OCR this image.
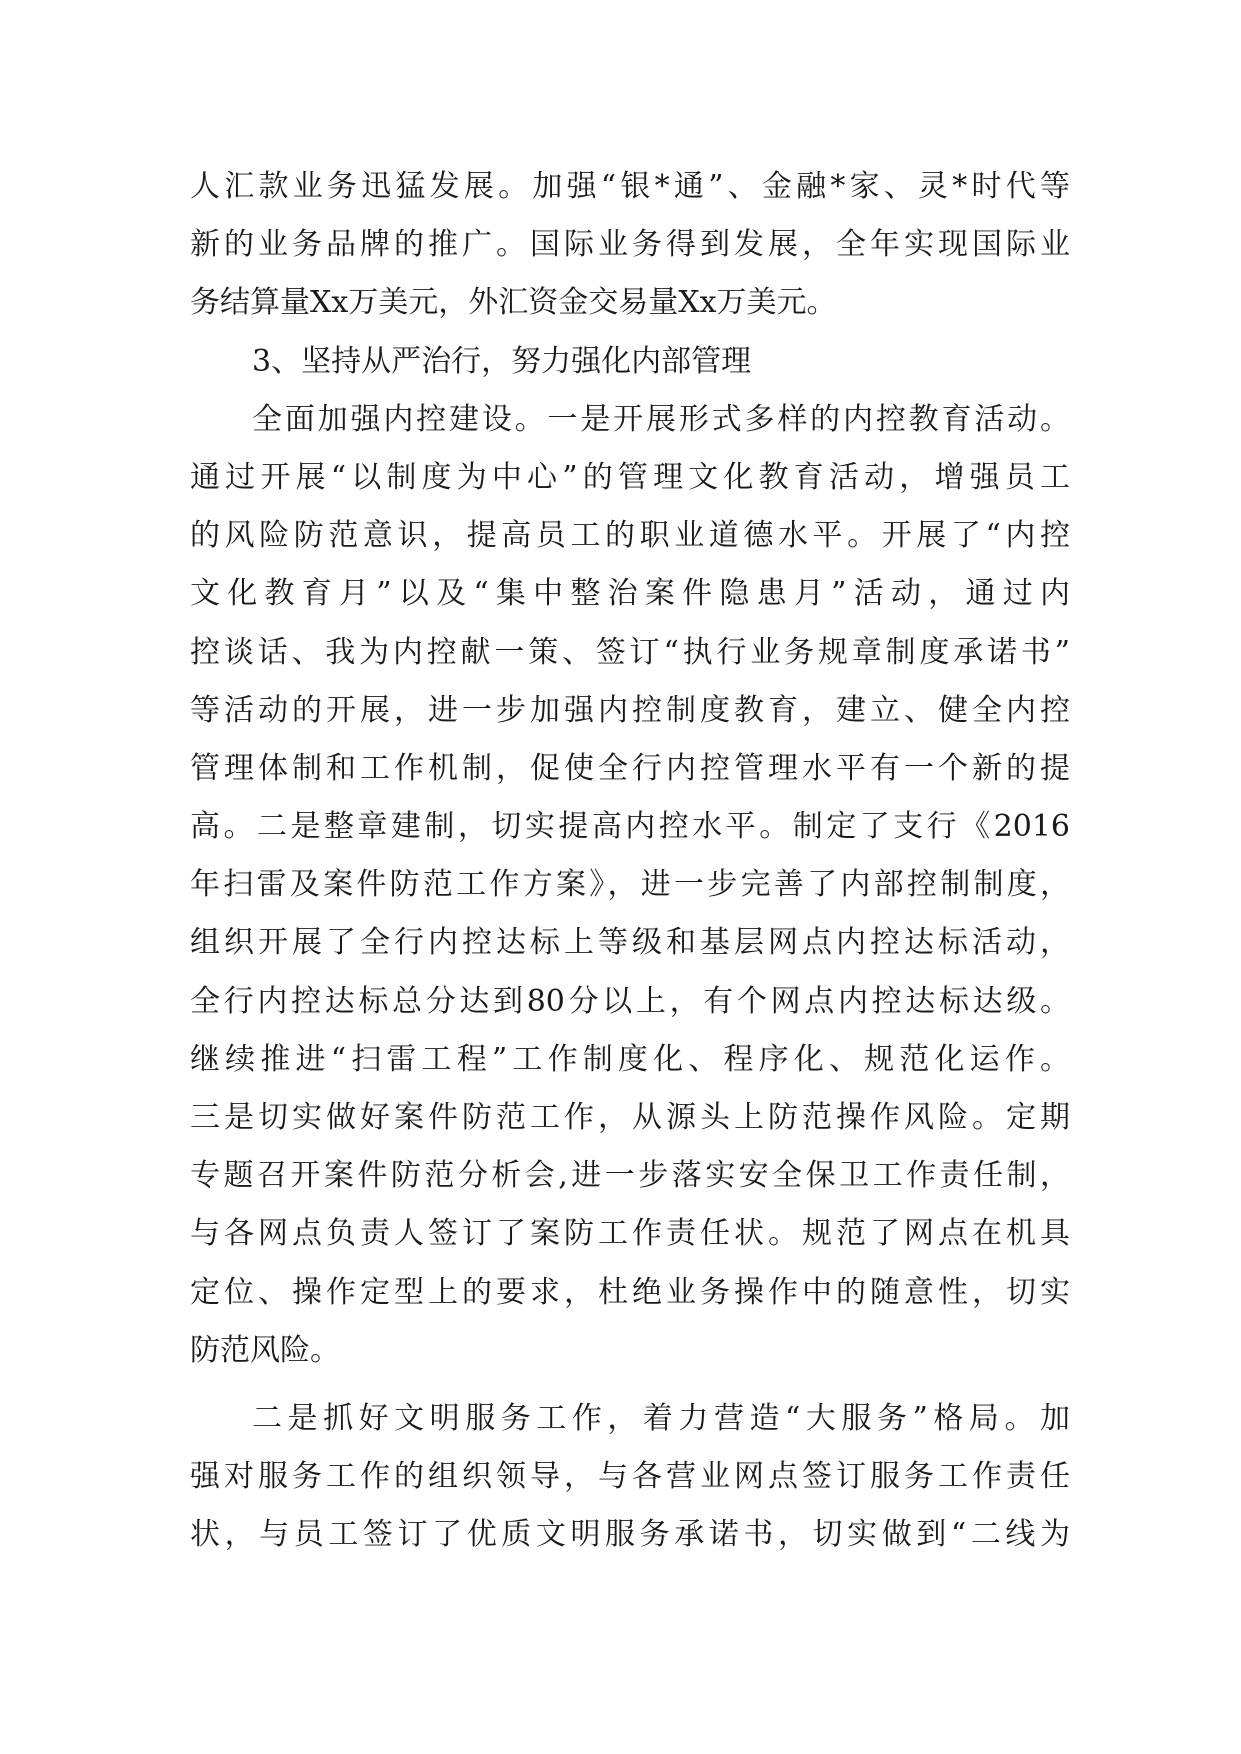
人汇款业务迅猛发展。加强“银*通”、金融*家、灵*时代等
新的业务品牌的推广。国际业务得到发展，全年实现国际业
务结算量Xx万美元，外汇资金交易量Xx万美元。
3、坚持从严治行，努力强化内部管理
全面加强内控建设。一是开展形式多样的内控教育活动。
通过开展“以制度为中心”的管理文化教育活动，增强员工
的风险防范意识，提高员工的职业道德水平。开展了“内控
文化教育月”以及“集中整治案件隐患月”活动，通过内
控谈话、我为内控献一策、签订“执行业务规章制度承诺书”
等活动的开展，进一步加强内控制度教育，建立、健全内控
管理体制和工作机制，促使全行内控管理水平有一个新的提
高。二是整章建制，切实提高内控水平。制定了支行《2016
年扫雷及案件防范工作方案》，进一步完善了内部控制制度，
组织开展了全行内控达标上等级和基层网点内控达标活动，
全行内控达标总分达到80分以上，有个网点内控达标达级。
继续推进“扫雷工程”工作制度化、程序化、规范化运作。
三是切实做好案件防范工作，从源头上防范操作风险。定期
专题召开案件防范分析会,进一步落实安全保卫工作责任制，
与各网点负责人签订了案防工作责任状。规范了网点在机具
定位、操作定型上的要求，杜绝业务操作中的随意性，切实
防范风险。
二是抓好文明服务工作，着力营造“大服务”格局。加
强对服务工作的组织领导，与各营业网点签订服务工作责任
状，与员工签订了优质文明服务承诺书，切实做到“二线为
